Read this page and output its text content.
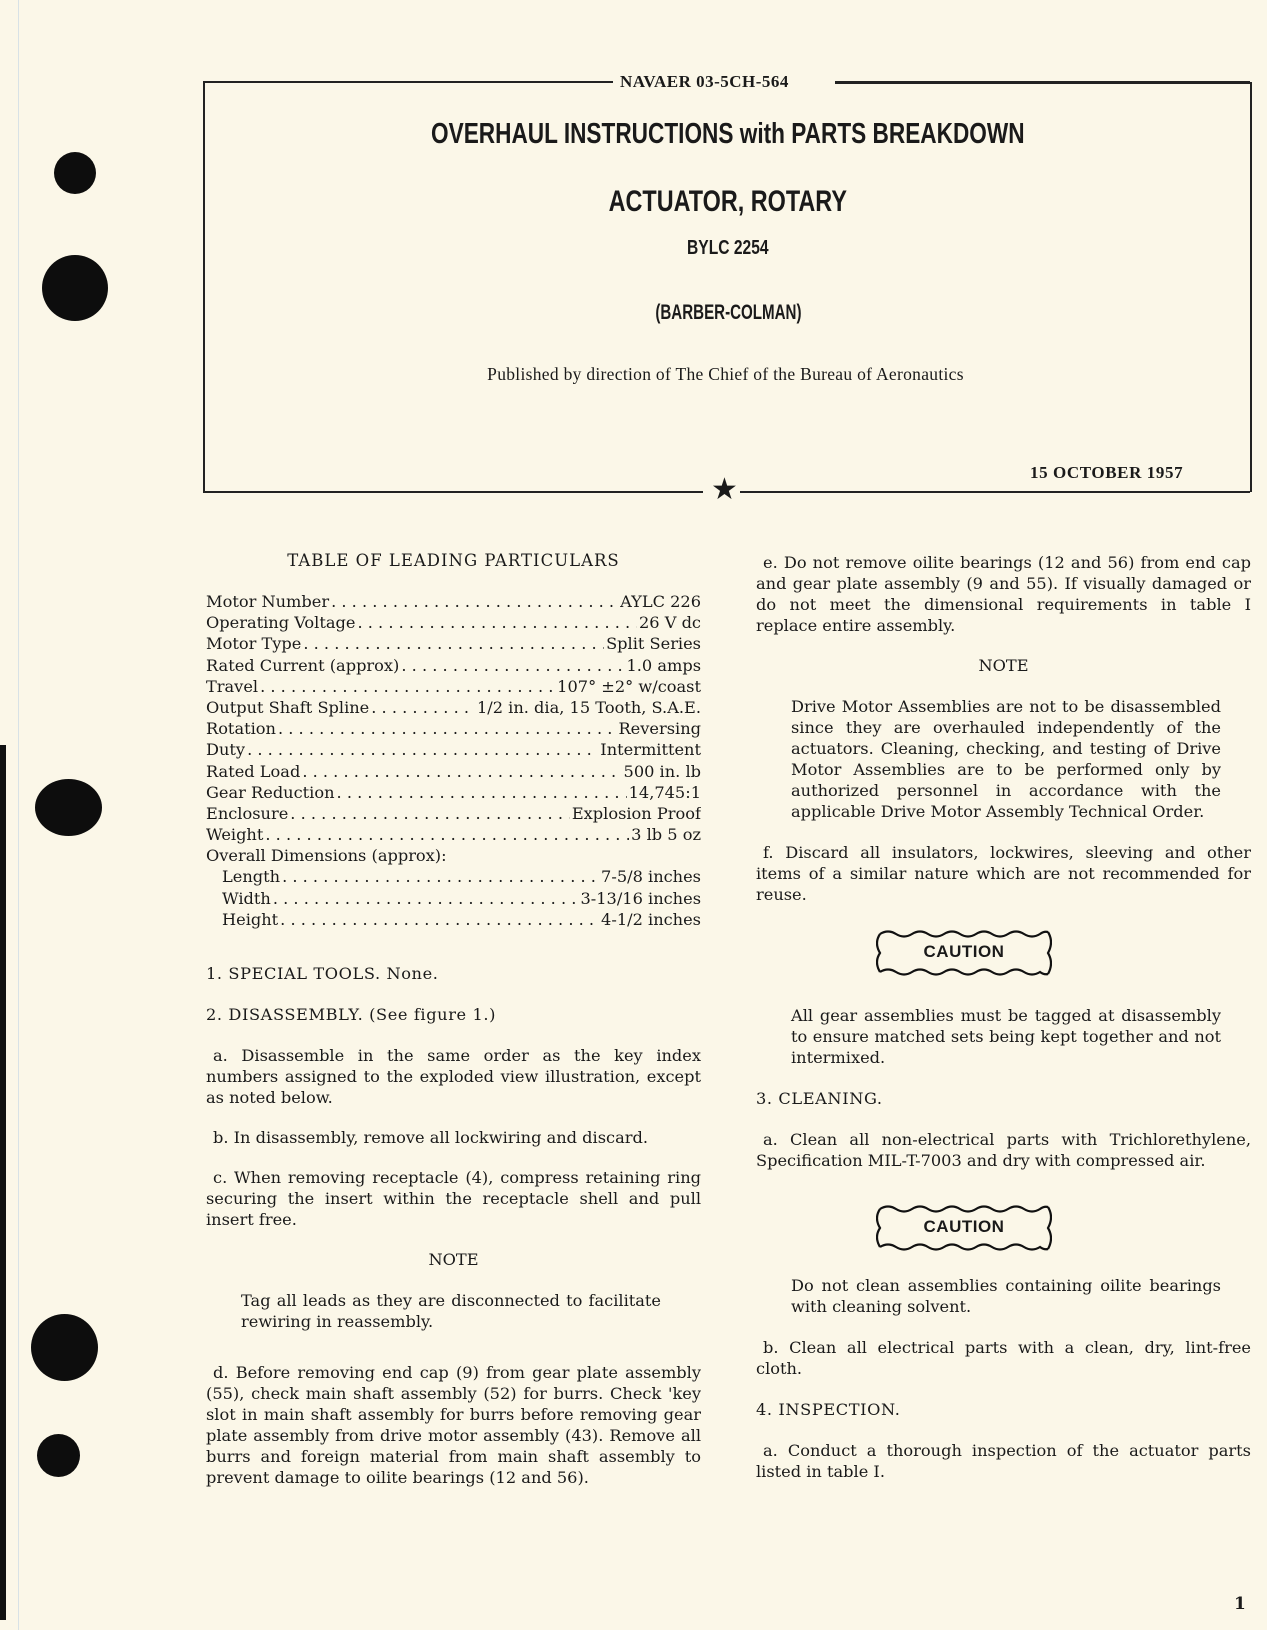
NAVAER 03-5CH-564
OVERHAUL INSTRUCTIONS with PARTS BREAKDOWN
ACTUATOR, ROTARY
BYLC 2254
(BARBER-COLMAN)
Published by direction of The Chief of the Bureau of Aeronautics
15 OCTOBER 1957
★
TABLE OF LEADING PARTICULARS
Motor Number . . .	AYLC 226
Operating Voltage . . .	26 V dc
Motor Type . . .	Split Series
Rated Current (approx) . . .	1.0 amps
Travel . . .	107° ±2° w/coast
Output Shaft Spline . . .	1/2 in. dia, 15 Tooth, S.A.E.
Rotation . . .	Reversing
Duty . . .	Intermittent
Rated Load . . .	500 in. lb
Gear Reduction . . .	14,745:1
Enclosure . . .	Explosion Proof
Weight . . .	3 lb 5 oz
Overall Dimensions (approx):
Length . . .	7-5/8 inches
Width . . .	3-13/16 inches
Height . . .	4-1/2 inches
1. SPECIAL TOOLS. None.
2. DISASSEMBLY. (See figure 1.)
a. Disassemble in the same order as the key index numbers assigned to the exploded view illustration, except as noted below.
b. In disassembly, remove all lockwiring and discard.
c. When removing receptacle (4), compress retaining ring securing the insert within the receptacle shell and pull insert free.
NOTE
Tag all leads as they are disconnected to facilitate rewiring in reassembly.
d. Before removing end cap (9) from gear plate assembly (55), check main shaft assembly (52) for burrs. Check 'key slot in main shaft assembly for burrs before removing gear plate assembly from drive motor assembly (43). Remove all burrs and foreign material from main shaft assembly to prevent damage to oilite bearings (12 and 56).
e. Do not remove oilite bearings (12 and 56) from end cap and gear plate assembly (9 and 55). If visually damaged or do not meet the dimensional requirements in table I replace entire assembly.
NOTE
Drive Motor Assemblies are not to be disassembled since they are overhauled independently of the actuators. Cleaning, checking, and testing of Drive Motor Assemblies are to be performed only by authorized personnel in accordance with the applicable Drive Motor Assembly Technical Order.
f. Discard all insulators, lockwires, sleeving and other items of a similar nature which are not recommended for reuse.
CAUTION
All gear assemblies must be tagged at disassembly to ensure matched sets being kept together and not intermixed.
3. CLEANING.
a. Clean all non-electrical parts with Trichlorethylene, Specification MIL-T-7003 and dry with compressed air.
CAUTION
Do not clean assemblies containing oilite bearings with cleaning solvent.
b. Clean all electrical parts with a clean, dry, lint-free cloth.
4. INSPECTION.
a. Conduct a thorough inspection of the actuator parts listed in table I.
1
